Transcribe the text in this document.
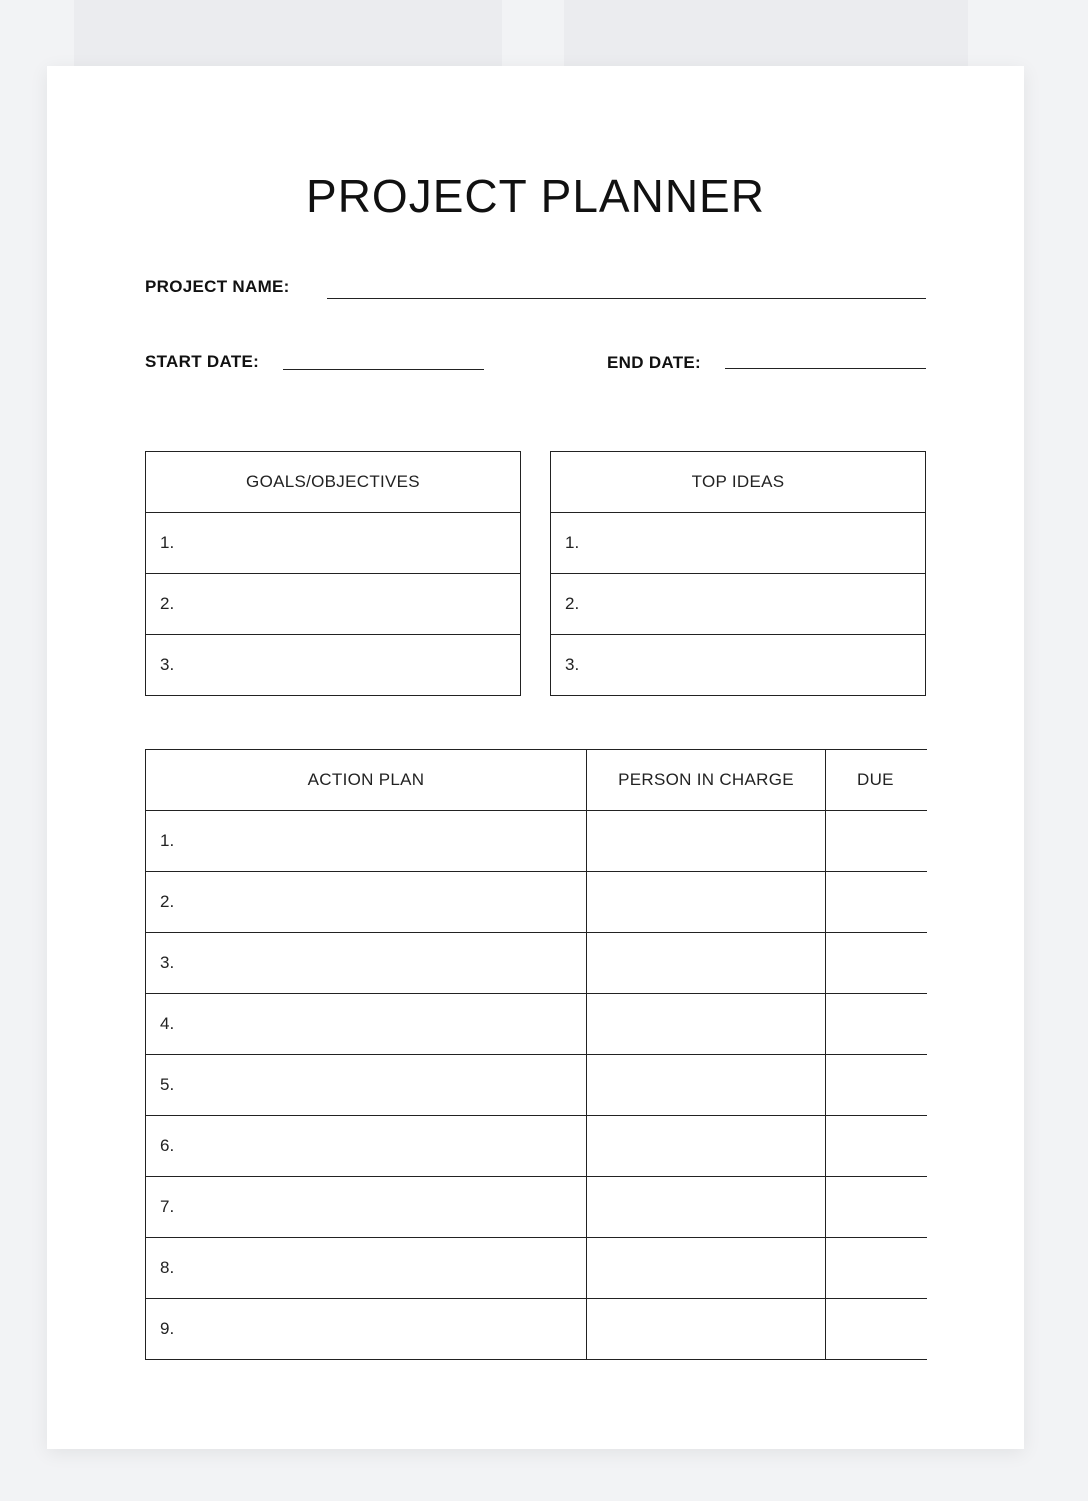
PROJECT PLANNER
PROJECT NAME:
START DATE:	END DATE:
GOALS/OBJECTIVES
1.
2.
3.
TOP IDEAS
1.
2.
3.
ACTION PLAN	PERSON IN CHARGE	DUE
1.		
2.		
3.		
4.		
5.		
6.		
7.		
8.		
9.		
